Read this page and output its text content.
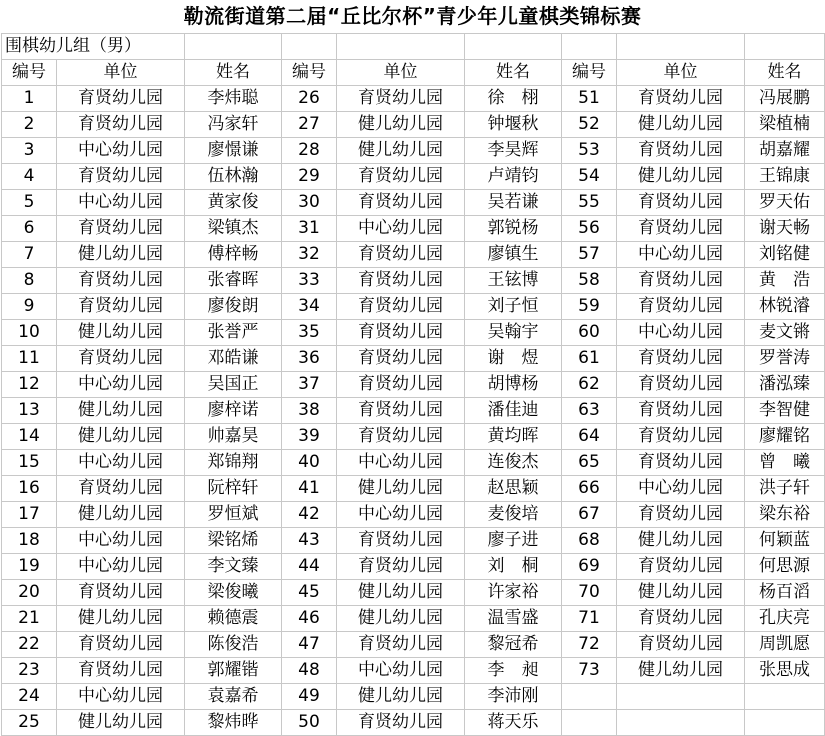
勒流街道第二届“丘比尔杯”青少年儿童棋类锦标赛
围棋幼儿组（男）								
编号	单位	姓名	编号	单位	姓名	编号	单位	姓名
1	育贤幼儿园	李炜聪	26	育贤幼儿园	徐　栩	51	育贤幼儿园	冯展鹏
2	育贤幼儿园	冯家轩	27	健儿幼儿园	钟堰秋	52	健儿幼儿园	梁植楠
3	中心幼儿园	廖憬谦	28	健儿幼儿园	李昊辉	53	育贤幼儿园	胡嘉耀
4	育贤幼儿园	伍林瀚	29	育贤幼儿园	卢靖钧	54	健儿幼儿园	王锦康
5	中心幼儿园	黄家俊	30	育贤幼儿园	吴若谦	55	育贤幼儿园	罗天佑
6	育贤幼儿园	梁镇杰	31	中心幼儿园	郭锐杨	56	育贤幼儿园	谢天畅
7	健儿幼儿园	傅梓畅	32	育贤幼儿园	廖镇生	57	中心幼儿园	刘铭健
8	育贤幼儿园	张睿晖	33	育贤幼儿园	王铉博	58	育贤幼儿园	黄　浩
9	育贤幼儿园	廖俊朗	34	育贤幼儿园	刘子恒	59	育贤幼儿园	林锐濬
10	健儿幼儿园	张誉严	35	育贤幼儿园	吴翰宇	60	中心幼儿园	麦文锵
11	育贤幼儿园	邓皓谦	36	育贤幼儿园	谢　煜	61	育贤幼儿园	罗誉涛
12	中心幼儿园	吴国正	37	育贤幼儿园	胡博杨	62	育贤幼儿园	潘泓臻
13	健儿幼儿园	廖梓诺	38	育贤幼儿园	潘佳迪	63	育贤幼儿园	李智健
14	健儿幼儿园	帅嘉昊	39	育贤幼儿园	黄均晖	64	育贤幼儿园	廖耀铭
15	中心幼儿园	郑锦翔	40	中心幼儿园	连俊杰	65	育贤幼儿园	曾　曦
16	育贤幼儿园	阮梓轩	41	健儿幼儿园	赵思颖	66	中心幼儿园	洪子轩
17	健儿幼儿园	罗恒斌	42	中心幼儿园	麦俊培	67	育贤幼儿园	梁东裕
18	中心幼儿园	梁铭烯	43	育贤幼儿园	廖子进	68	健儿幼儿园	何颖蓝
19	中心幼儿园	李文臻	44	育贤幼儿园	刘　桐	69	育贤幼儿园	何思源
20	育贤幼儿园	梁俊曦	45	健儿幼儿园	许家裕	70	健儿幼儿园	杨百滔
21	健儿幼儿园	赖德震	46	健儿幼儿园	温雪盛	71	育贤幼儿园	孔庆亮
22	育贤幼儿园	陈俊浩	47	育贤幼儿园	黎冠希	72	育贤幼儿园	周凯愿
23	育贤幼儿园	郭耀锴	48	中心幼儿园	李　昶	73	健儿幼儿园	张思成
24	中心幼儿园	袁嘉希	49	健儿幼儿园	李沛刚			
25	健儿幼儿园	黎炜晔	50	育贤幼儿园	蒋天乐			
